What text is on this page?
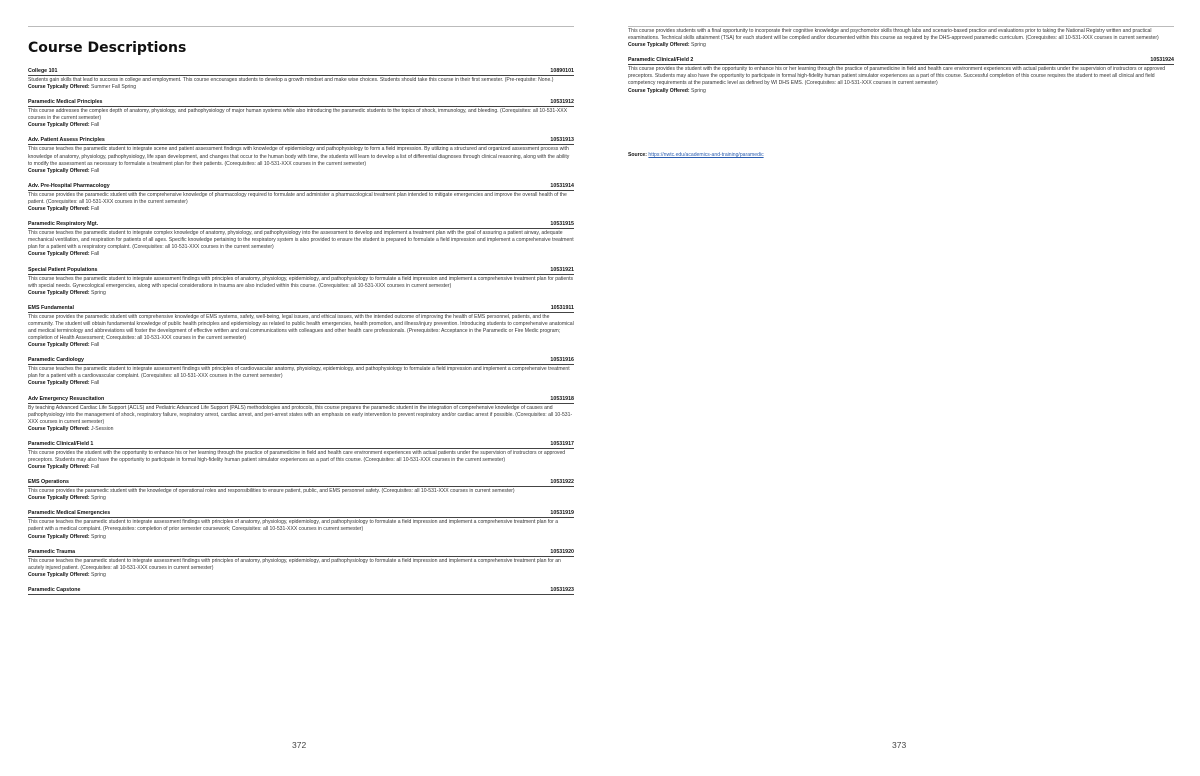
Course Descriptions
College 101	10890101
Students gain skills that lead to success in college and employment. This course encourages students to develop a growth mindset and make wise choices. Students should take this course in their first semester. (Pre-requisite: None.)
Course Typically Offered: Summer Fall Spring
Paramedic Medical Principles	10531912
This course addresses the complex depth of anatomy, physiology, and pathophysiology of major human systems while also introducing the paramedic students to the topics of shock, immunology, and bleeding. (Corequisites: all 10-531-XXX courses in the current semester)
Course Typically Offered: Fall
Adv. Patient Assess Principles	10531913
This course teaches the paramedic student to integrate scene and patient assessment findings with knowledge of epidemiology and pathophysiology to form a field impression. By utilizing a structured and organized assessment process with knowledge of anatomy, physiology, pathophysiology, life span development, and changes that occur to the human body with time, the students will learn to develop a list of differential diagnoses through clinical reasoning, along with the ability to modify the assessment as necessary to formulate a treatment plan for their patients. (Corequisites: all 10-531-XXX courses in the current semester)
Course Typically Offered: Fall
Adv. Pre-Hospital Pharmacology	10531914
This course provides the paramedic student with the comprehensive knowledge of pharmacology required to formulate and administer a pharmacological treatment plan intended to mitigate emergencies and improve the overall health of the patient. (Corequisites: all 10-531-XXX courses in the current semester)
Course Typically Offered: Fall
Paramedic Respiratory Mgt.	10531915
This course teaches the paramedic student to integrate complex knowledge of anatomy, physiology, and pathophysiology into the assessment to develop and implement a treatment plan with the goal of assuring a patient airway, adequate mechanical ventilation, and respiration for patients of all ages. Specific knowledge pertaining to the respiratory system is also provided to ensure the student is prepared to formulate a field impression and implement a comprehensive treatment plan for a patient with a respiratory complaint. (Corequisites: all 10-531-XXX courses in the current semester)
Course Typically Offered: Fall
Special Patient Populations	10531921
This course teaches the paramedic student to integrate assessment findings with principles of anatomy, physiology, epidemiology, and pathophysiology to formulate a field impression and implement a comprehensive treatment plan for patients with special needs. Gynecological emergencies, along with special considerations in trauma are also included within this course. (Corequisites: all 10-531-XXX courses in current semester)
Course Typically Offered: Spring
EMS Fundamental	10531911
This course provides the paramedic student with comprehensive knowledge of EMS systems, safety, well-being, legal issues, and ethical issues, with the intended outcome of improving the health of EMS personnel, patients, and the community. The student will obtain fundamental knowledge of public health principles and epidemiology as related to public health emergencies, health promotion, and illness/injury prevention. Introducing students to comprehensive anatomical and medical terminology and abbreviations will foster the development of effective written and oral communications with colleagues and other health care professionals. (Prerequisites: Acceptance in the Paramedic or Fire Medic program; completion of Health Assessment; Corequisites: all 10-531-XXX courses in the current semester)
Course Typically Offered: Fall
Paramedic Cardiology	10531916
This course teaches the paramedic student to integrate assessment findings with principles of cardiovascular anatomy, physiology, epidemiology, and pathophysiology to formulate a field impression and implement a comprehensive treatment plan for a patient with a cardiovascular complaint. (Corequisites: all 10-531-XXX courses in the current semester)
Course Typically Offered: Fall
Adv Emergency Resuscitation	10531918
By teaching Advanced Cardiac Life Support (ACLS) and Pediatric Advanced Life Support (PALS) methodologies and protocols, this course prepares the paramedic student in the integration of comprehensive knowledge of causes and pathophysiology into the management of shock, respiratory failure, respiratory arrest, cardiac arrest, and peri-arrest states with an emphasis on early intervention to prevent respiratory and/or cardiac arrest if possible. (Corequisites: all 10-531-XXX courses in current semester)
Course Typically Offered: J-Session
Paramedic Clinical/Field 1	10531917
This course provides the student with the opportunity to enhance his or her learning through the practice of paramedicine in field and health care environment experiences with actual patients under the supervision of instructors or approved preceptors. Students may also have the opportunity to participate in formal high-fidelity human patient simulator experiences as a part of this course. (Corequisites: all 10-531-XXX courses in the current semester)
Course Typically Offered: Fall
EMS Operations	10531922
This course provides the paramedic student with the knowledge of operational roles and responsibilities to ensure patient, public, and EMS personnel safety. (Corequisites: all 10-531-XXX courses in current semester)
Course Typically Offered: Spring
Paramedic Medical Emergencies	10531919
This course teaches the paramedic student to integrate assessment findings with principles of anatomy, physiology, epidemiology, and pathophysiology to formulate a field impression and implement a comprehensive treatment plan for a patient with a medical complaint. (Prerequisites: completion of prior semester coursework; Corequisites: all 10-531-XXX courses in current semester)
Course Typically Offered: Spring
Paramedic Trauma	10531920
This course teaches the paramedic student to integrate assessment findings with principles of anatomy, physiology, epidemiology, and pathophysiology to formulate a field impression and implement a comprehensive treatment plan for an acutely injured patient. (Corequisites: all 10-531-XXX courses in current semester)
Course Typically Offered: Spring
Paramedic Capstone	10531923
372
This course provides students with a final opportunity to incorporate their cognitive knowledge and psychomotor skills through labs and scenario-based practice and evaluations prior to taking the National Registry written and practical examinations. Technical skills attainment (TSA) for each student will be compiled and/or documented within this course as required by the DHS-approved paramedic curriculum. (Corequisites: all 10-531-XXX courses in current semester)
Course Typically Offered: Spring
Paramedic Clinical/Field 2	10531924
This course provides the student with the opportunity to enhance his or her learning through the practice of paramedicine in field and health care environment experiences with actual patients under the supervision of instructors or approved preceptors. Students may also have the opportunity to participate in formal high-fidelity human patient simulator experiences as a part of this course. Successful completion of this course requires the student to meet all clinical and field competency requirements at the paramedic level as defined by WI DHS EMS. (Corequisites: all 10-531-XXX courses in current semester)
Course Typically Offered: Spring
Source: https://nwtc.edu/academics-and-training/paramedic
373
